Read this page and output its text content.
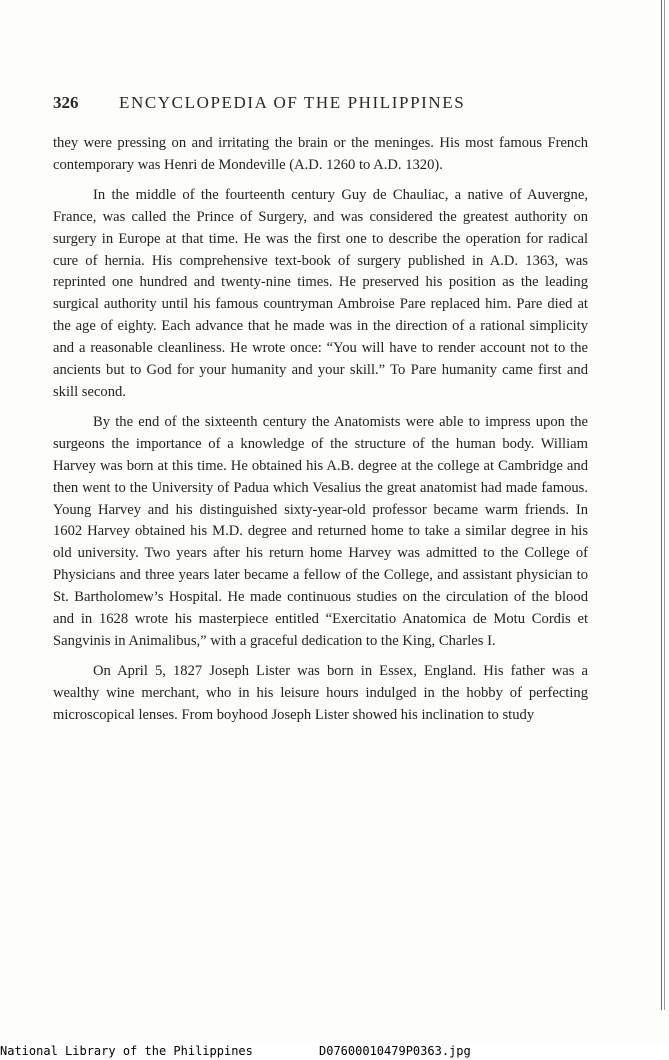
326 ENCYCLOPEDIA OF THE PHILIPPINES

they were pressing on and irritating the brain or the meninges. His most famous French contemporary was Henri de Mondeville (A.D. 1260 to A.D. 1320).

In the middle of the fourteenth century Guy de Chauliac, a native of Auvergne, France, was called the Prince of Surgery, and was considered the greatest authority on surgery in Europe at that time. He was the first one to describe the operation for radical cure of hernia. His comprehensive text-book of surgery published in A.D. 1363, was reprinted one hundred and twenty-nine times. He preserved his position as the leading surgical authority until his famous countryman Ambroise Pare replaced him. Pare died at the age of eighty. Each advance that he made was in the direction of a rational simplicity and a reasonable cleanliness. He wrote once: “You will have to render account not to the ancients but to God for your humanity and your skill.” To Pare humanity came first and skill second.

By the end of the sixteenth century the Anatomists were able to impress upon the surgeons the importance of a knowledge of the structure of the human body. William Harvey was born at this time. He obtained his A.B. degree at the college at Cambridge and then went to the University of Padua which Vesalius the great anatomist had made famous. Young Harvey and his distinguished sixty-year-old professor became warm friends. In 1602 Harvey obtained his M.D. degree and returned home to take a similar degree in his old university. Two years after his return home Harvey was admitted to the College of Physicians and three years later became a fellow of the College, and assistant physician to St. Bartholomew’s Hospital. He made continuous studies on the circulation of the blood and in 1628 wrote his masterpiece entitled “Exercitatio Anatomica de Motu Cordis et Sangvinis in Animalibus,” with a graceful dedication to the King, Charles I.

On April 5, 1827 Joseph Lister was born in Essex, England. His father was a wealthy wine merchant, who in his leisure hours indulged in the hobby of perfecting microscopical lenses. From boyhood Joseph Lister showed his inclination to study

National Library of the Philippines	D07600010479P0363.jpg
